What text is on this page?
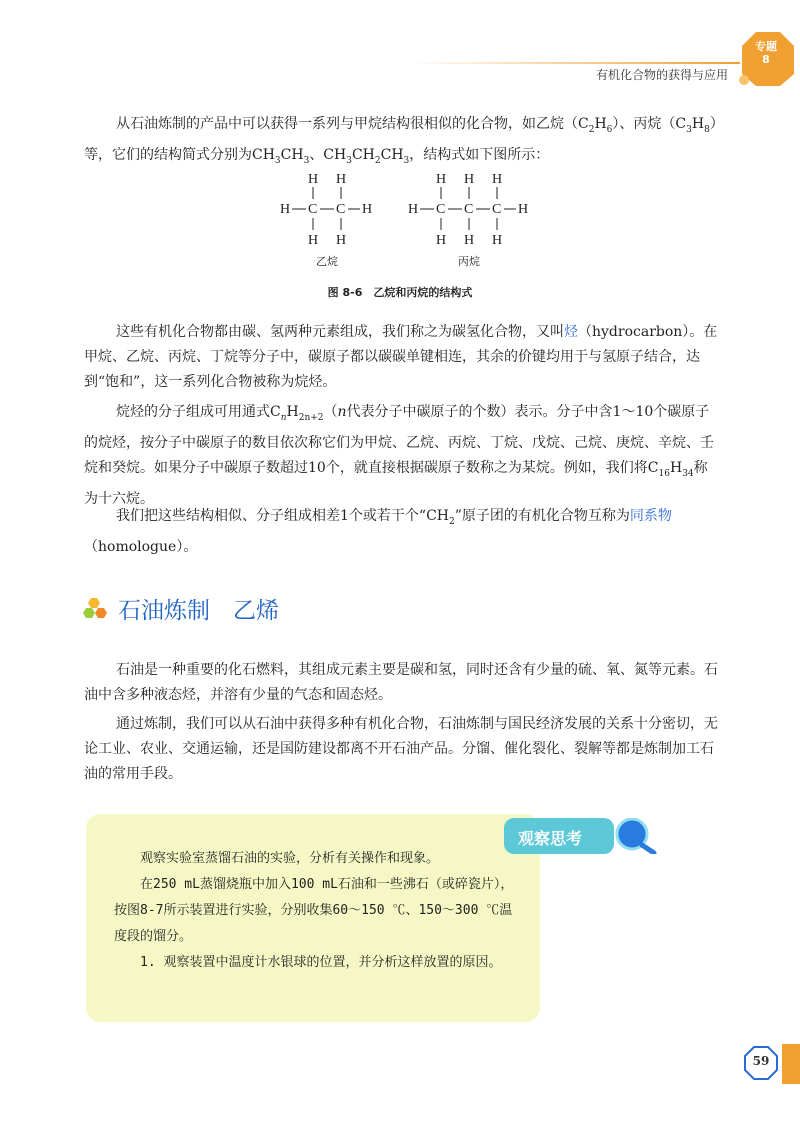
有机化合物的获得与应用
专题
8
从石油炼制的产品中可以获得一系列与甲烷结构很相似的化合物，如乙烷$(C_2H_6)$、丙烷$(C_3H_8)$等，它们的结构简式分别为$CH_3CH_3$、$CH_3CH_2CH_3$，结构式如下图所示：
H H
H C C H
H H
乙烷
H H H
H C C C H
H H H
丙烷
图 8-6　乙烷和丙烷的结构式
这些有机化合物都由碳、氢两种元素组成，我们称之为碳氢化合物，又叫烃（hydrocarbon）。在甲烷、乙烷、丙烷、丁烷等分子中，碳原子都以碳碳单键相连，其余的价键均用于与氢原子结合，达到“饱和”，这一系列化合物被称为烷烃。
烷烃的分子组成可用通式$C_nH_{2n+2}(n$代表分子中碳原子的个数）表示。分子中含1～10个碳原子的烷烃，按分子中碳原子的数目依次称它们为甲烷、乙烷、丙烷、丁烷、戊烷、己烷、庚烷、辛烷、壬烷和癸烷。如果分子中碳原子数超过10个，就直接根据碳原子数称之为某烷。例如，我们将$C_{16}H_{34}$称为十六烷。
我们把这些结构相似、分子组成相差1个或若干个“$CH_2$”原子团的有机化合物互称为同系物（homologue）。
石油炼制　乙烯
石油是一种重要的化石燃料，其组成元素主要是碳和氢，同时还含有少量的硫、氧、氮等元素。石油中含多种液态烃，并溶有少量的气态和固态烃。
通过炼制，我们可以从石油中获得多种有机化合物，石油炼制与国民经济发展的关系十分密切，无论工业、农业、交通运输，还是国防建设都离不开石油产品。分馏、催化裂化、裂解等都是炼制加工石油的常用手段。
观察思考
观察实验室蒸馏石油的实验，分析有关操作和现象。
在250 mL蒸馏烧瓶中加入100 mL石油和一些沸石（或碎瓷片），按图8-7所示装置进行实验，分别收集60～150 ℃、150～300 ℃温度段的馏分。
1. 观察装置中温度计水银球的位置，并分析这样放置的原因。
59
